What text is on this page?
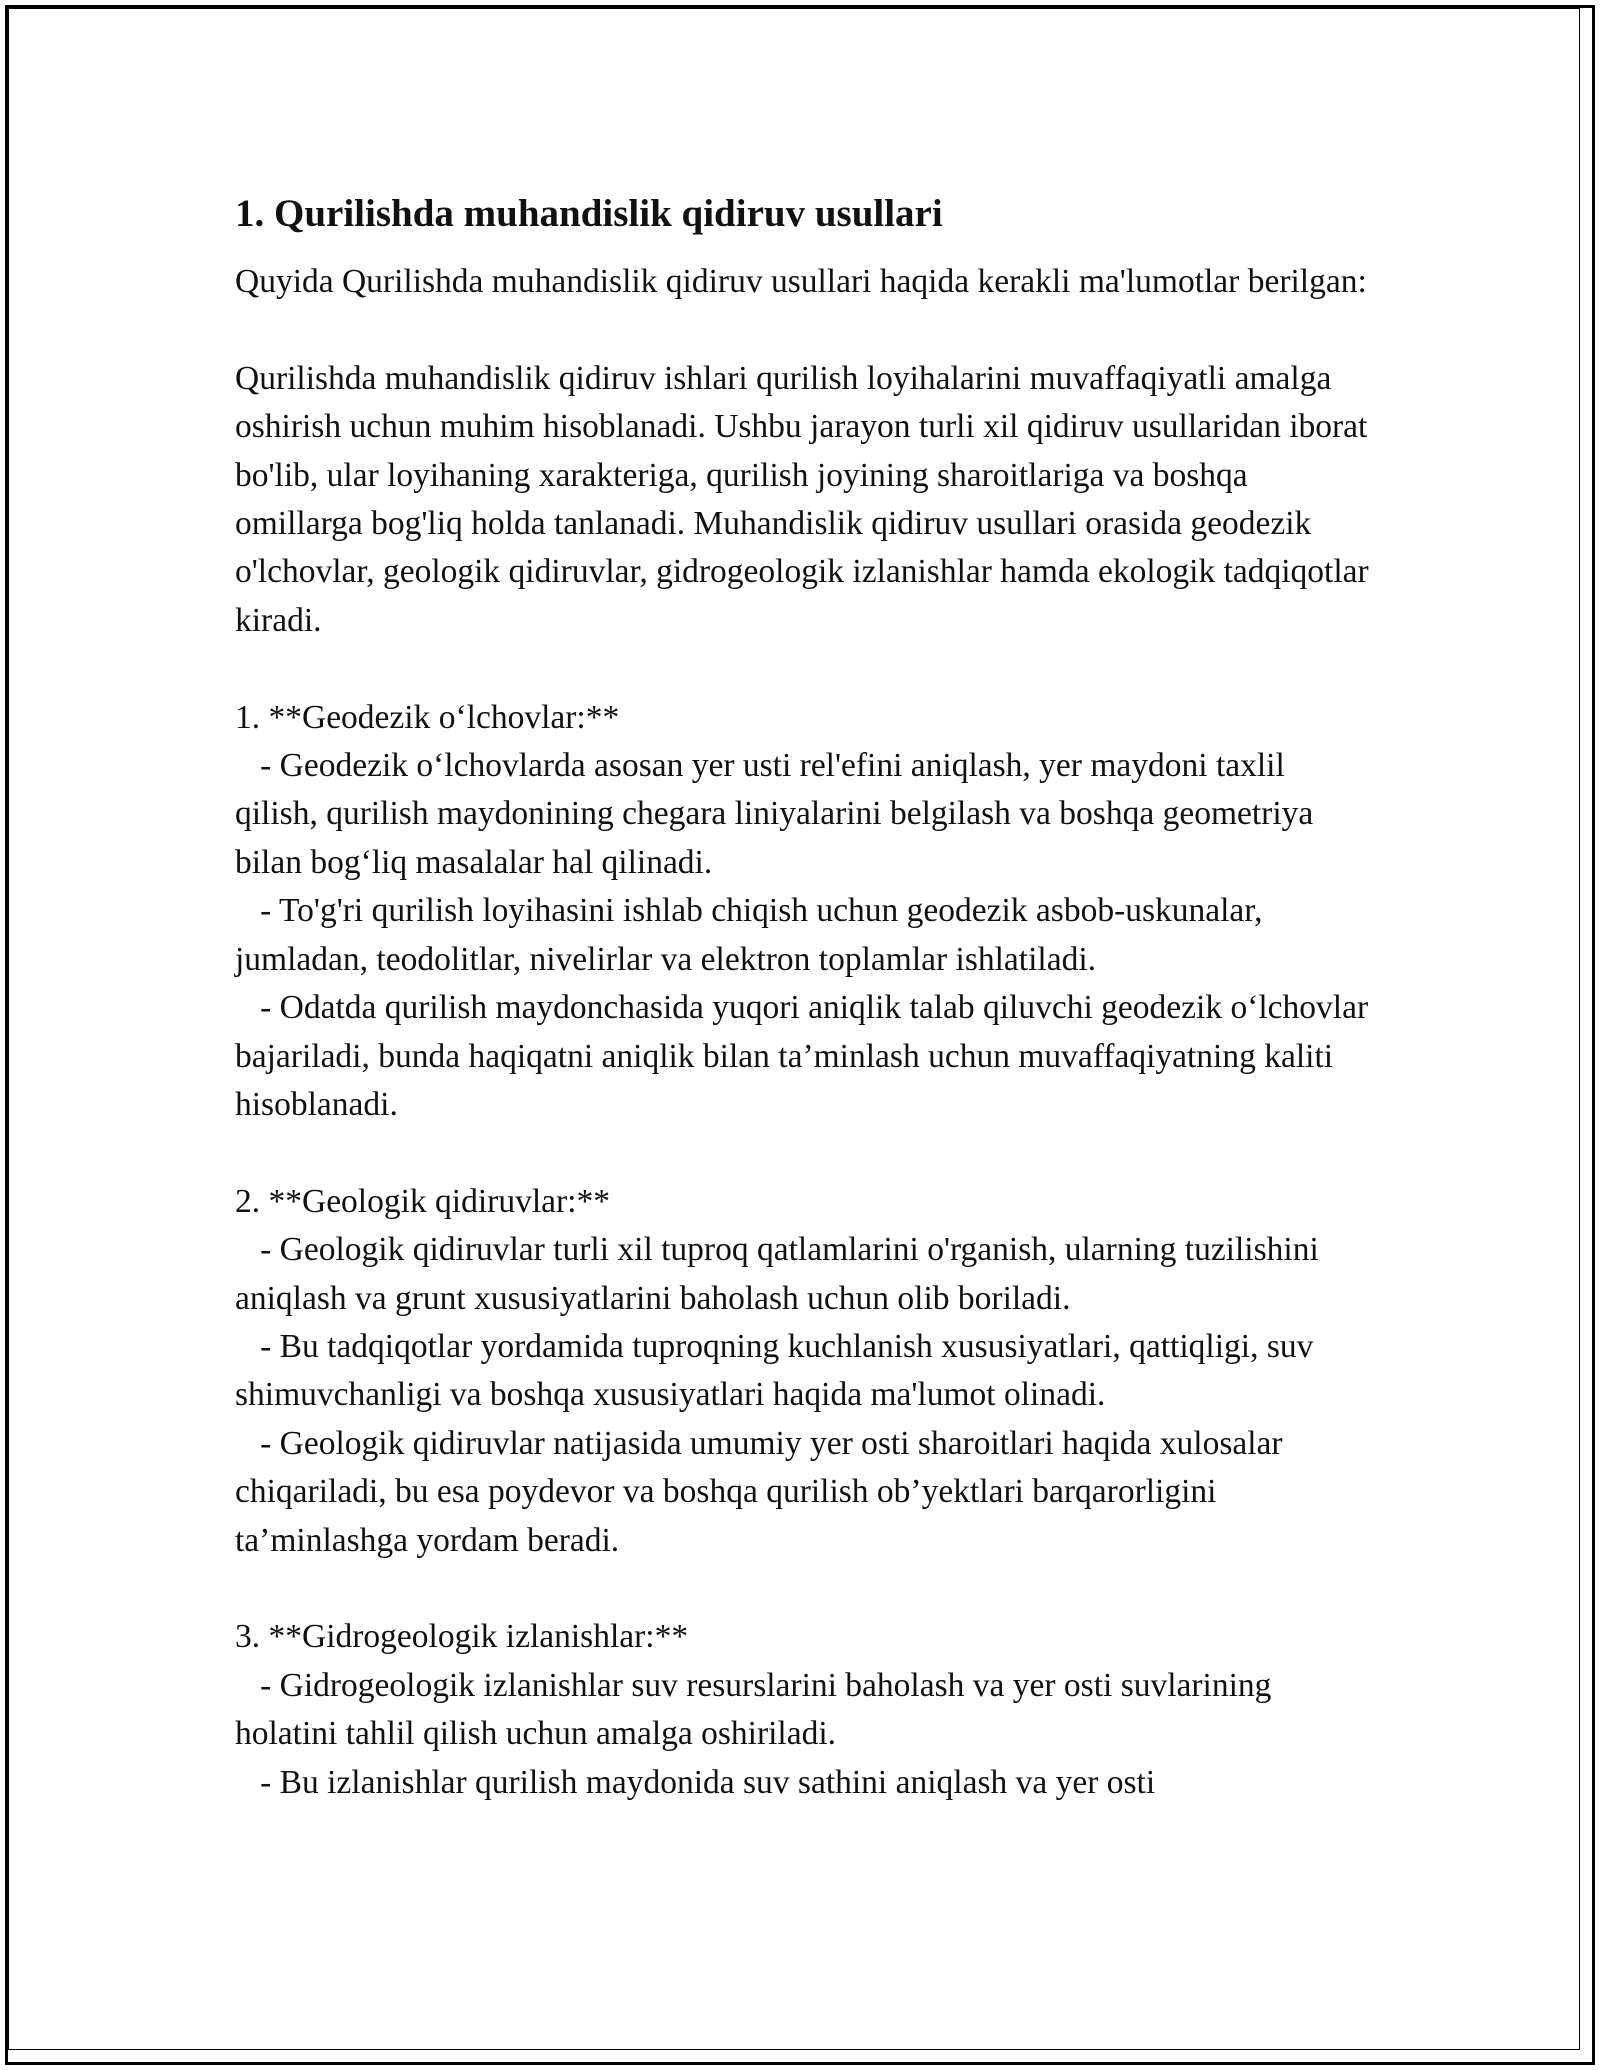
1. Qurilishda muhandislik qidiruv usullari

Quyida Qurilishda muhandislik qidiruv usullari haqida kerakli ma'lumotlar berilgan:

Qurilishda muhandislik qidiruv ishlari qurilish loyihalarini muvaffaqiyatli amalga oshirish uchun muhim hisoblanadi. Ushbu jarayon turli xil qidiruv usullaridan iborat bo'lib, ular loyihaning xarakteriga, qurilish joyining sharoitlariga va boshqa omillarga bog'liq holda tanlanadi. Muhandislik qidiruv usullari orasida geodezik o'lchovlar, geologik qidiruvlar, gidrogeologik izlanishlar hamda ekologik tadqiqotlar kiradi.

1. **Geodezik o‘lchovlar:**
- Geodezik o‘lchovlarda asosan yer usti rel'efini aniqlash, yer maydoni taxlil qilish, qurilish maydonining chegara liniyalarini belgilash va boshqa geometriya bilan bog‘liq masalalar hal qilinadi.
- To'g'ri qurilish loyihasini ishlab chiqish uchun geodezik asbob-uskunalar, jumladan, teodolitlar, nivelirlar va elektron toplamlar ishlatiladi.
- Odatda qurilish maydonchasida yuqori aniqlik talab qiluvchi geodezik o‘lchovlar bajariladi, bunda haqiqatni aniqlik bilan ta’minlash uchun muvaffaqiyatning kaliti hisoblanadi.

2. **Geologik qidiruvlar:**
- Geologik qidiruvlar turli xil tuproq qatlamlarini o'rganish, ularning tuzilishini aniqlash va grunt xususiyatlarini baholash uchun olib boriladi.
- Bu tadqiqotlar yordamida tuproqning kuchlanish xususiyatlari, qattiqligi, suv shimuvchanligi va boshqa xususiyatlari haqida ma'lumot olinadi.
- Geologik qidiruvlar natijasida umumiy yer osti sharoitlari haqida xulosalar chiqariladi, bu esa poydevor va boshqa qurilish ob’yektlari barqarorligini ta’minlashga yordam beradi.

3. **Gidrogeologik izlanishlar:**
- Gidrogeologik izlanishlar suv resurslarini baholash va yer osti suvlarining holatini tahlil qilish uchun amalga oshiriladi.
- Bu izlanishlar qurilish maydonida suv sathini aniqlash va yer osti
